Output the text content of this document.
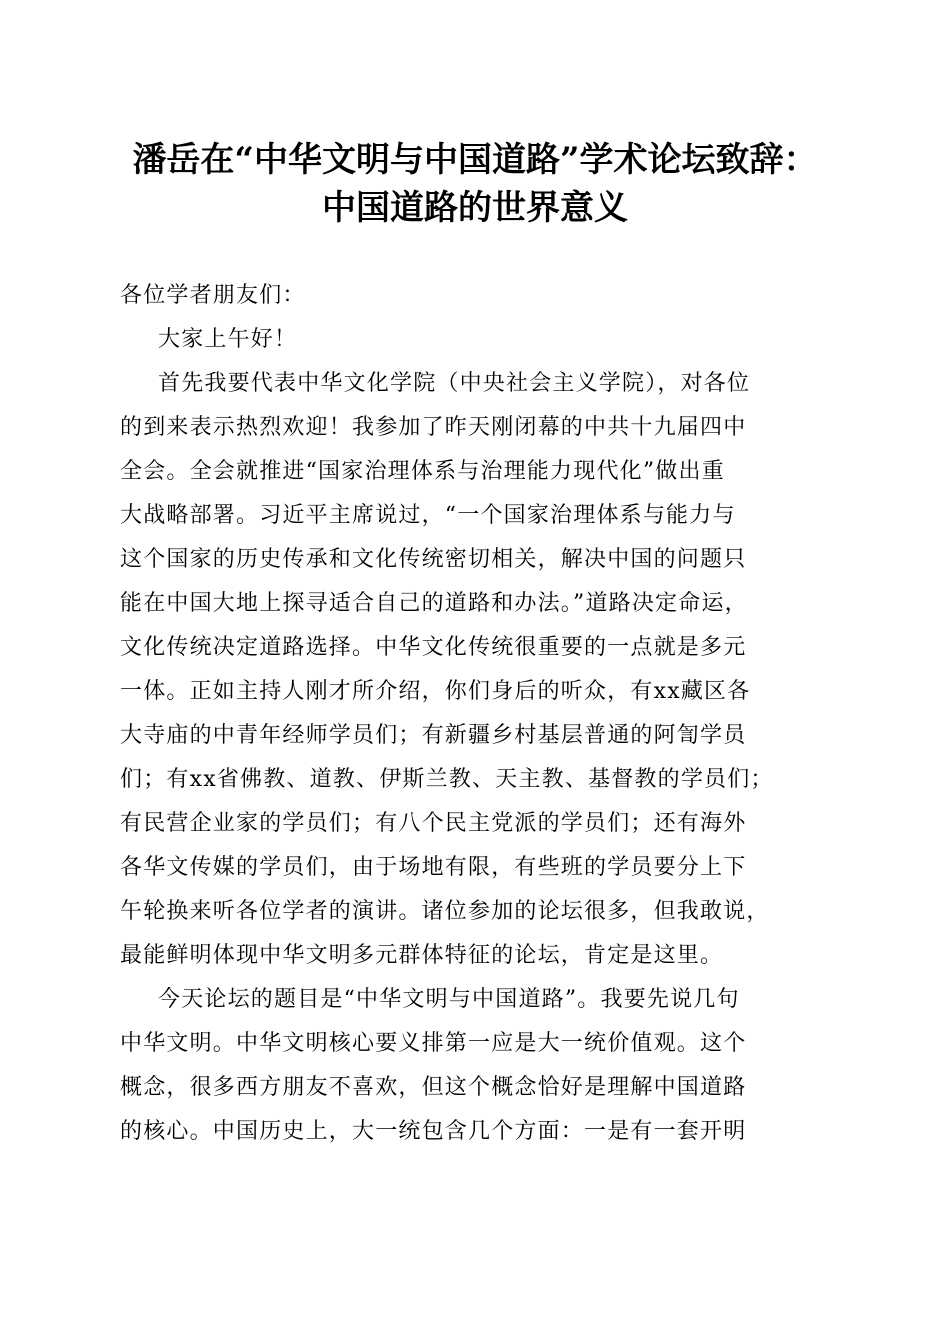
潘岳在“中华文明与中国道路”学术论坛致辞：
中国道路的世界意义

各位学者朋友们：

大家上午好！

首先我要代表中华文化学院（中央社会主义学院），对各位

的到来表示热烈欢迎！我参加了昨天刚闭幕的中共十九届四中

全会。全会就推进“国家治理体系与治理能力现代化”做出重

大战略部署。习近平主席说过，“一个国家治理体系与能力与

这个国家的历史传承和文化传统密切相关，解决中国的问题只

能在中国大地上探寻适合自己的道路和办法。”道路决定命运，

文化传统决定道路选择。中华文化传统很重要的一点就是多元

一体。正如主持人刚才所介绍，你们身后的听众，有xx藏区各

大寺庙的中青年经师学员们；有新疆乡村基层普通的阿訇学员

们；有xx省佛教、道教、伊斯兰教、天主教、基督教的学员们；

有民营企业家的学员们；有八个民主党派的学员们；还有海外

各华文传媒的学员们，由于场地有限，有些班的学员要分上下

午轮换来听各位学者的演讲。诸位参加的论坛很多，但我敢说，

最能鲜明体现中华文明多元群体特征的论坛，肯定是这里。

今天论坛的题目是“中华文明与中国道路”。我要先说几句

中华文明。中华文明核心要义排第一应是大一统价值观。这个

概念，很多西方朋友不喜欢，但这个概念恰好是理解中国道路

的核心。中国历史上，大一统包含几个方面：一是有一套开明
